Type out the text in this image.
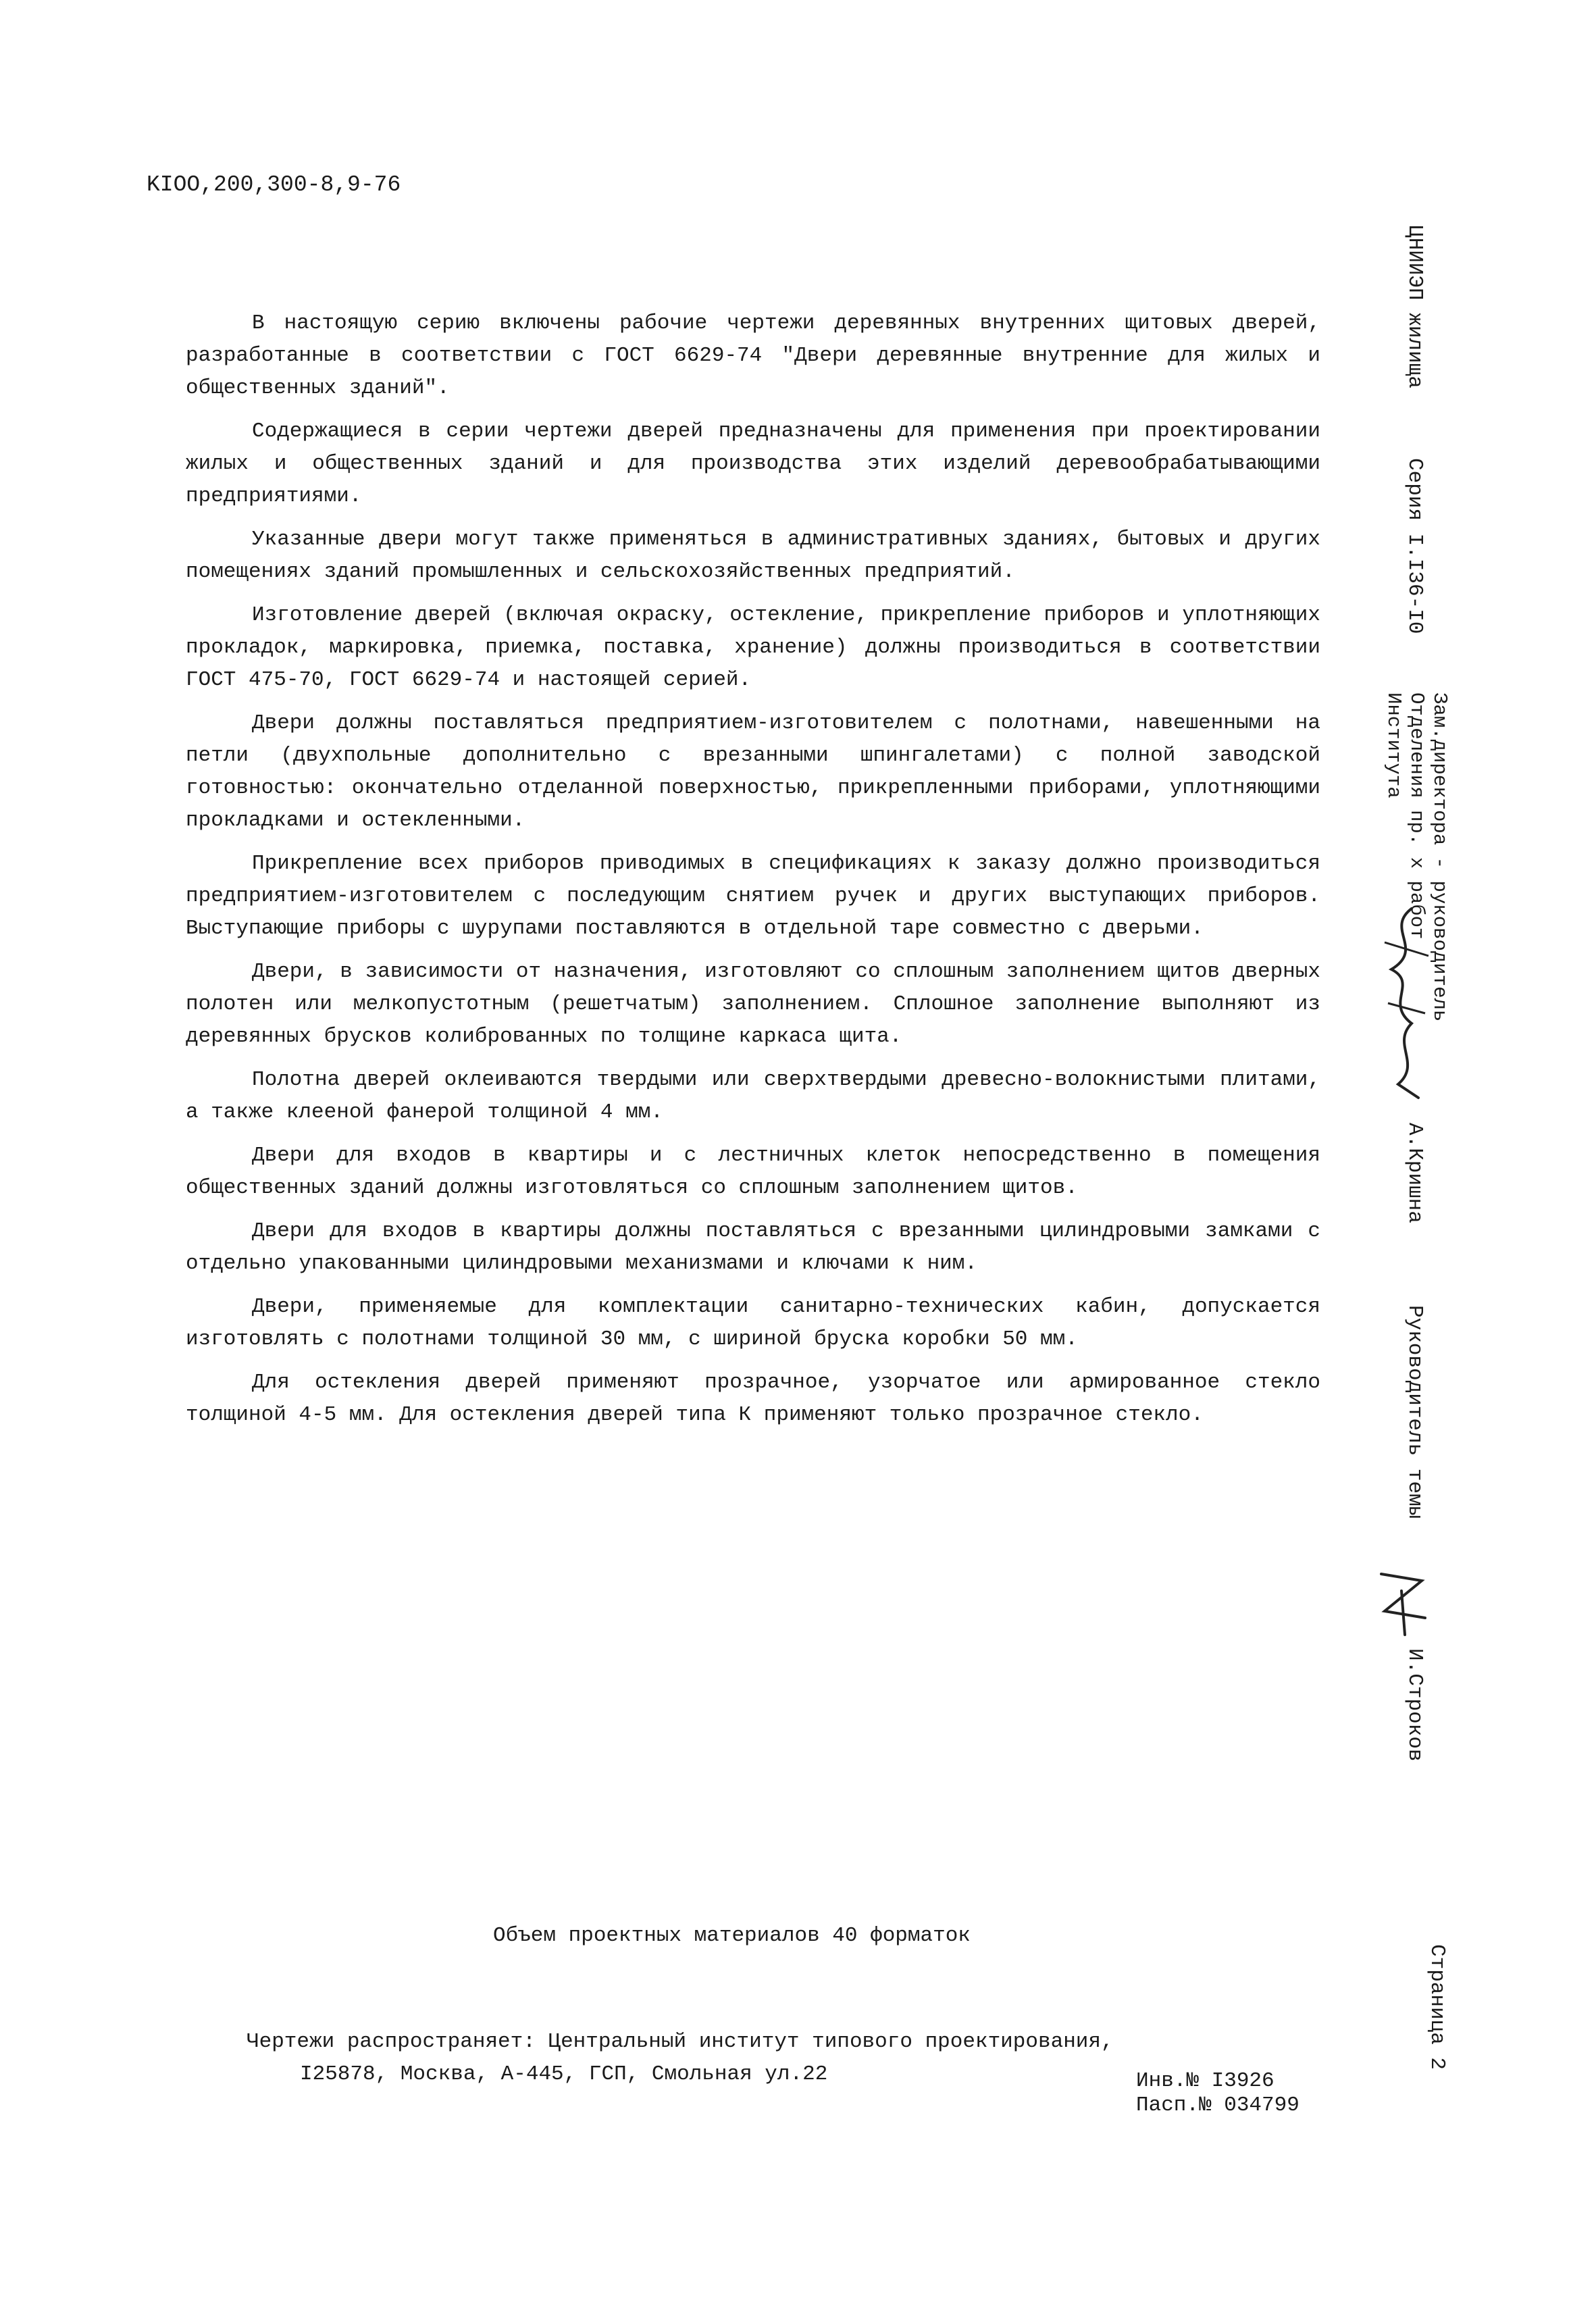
KIOO,200,300-8,9-76

В настоящую серию включены рабочие чертежи деревянных внутренних щитовых дверей, разработанные в соответствии с ГОСТ 6629-74 "Двери деревянные внутренние для жилых и общественных зданий".

Содержащиеся в серии чертежи дверей предназначены для применения при проектировании жилых и общественных зданий и для производства этих изделий деревообрабатывающими предприятиями.

Указанные двери могут также применяться в административных зданиях, бытовых и других помещениях зданий промышленных и сельскохозяйственных предприятий.

Изготовление дверей (включая окраску, остекление, прикрепление приборов и уплотняющих прокладок, маркировка, приемка, поставка, хранение) должны производиться в соответствии ГОСТ 475-70, ГОСТ 6629-74 и настоящей серией.

Двери должны поставляться предприятием-изготовителем с полотнами, навешенными на петли (двухпольные дополнительно с врезанными шпингалетами) с полной заводской готовностью: окончательно отделанной поверхностью, прикрепленными приборами, уплотняющими прокладками и остекленными.

Прикрепление всех приборов приводимых в спецификациях к заказу должно производиться предприятием-изготовителем с последующим снятием ручек и других выступающих приборов. Выступающие приборы с шурупами поставляются в отдельной таре совместно с дверьми.

Двери, в зависимости от назначения, изготовляют со сплошным заполнением щитов дверных полотен или мелкопустотным (решетчатым) заполнением. Сплошное заполнение выполняют из деревянных брусков колиброванных по толщине каркаса щита.

Полотна дверей оклеиваются твердыми или сверхтвердыми древесно-волокнистыми плитами, а также клееной фанерой толщиной 4 мм.

Двери для входов в квартиры и с лестничных клеток непосредственно в помещения общественных зданий должны изготовляться со сплошным заполнением щитов.

Двери для входов в квартиры должны поставляться с врезанными цилиндровыми замками с отдельно упакованными цилиндровыми механизмами и ключами к ним.

Двери, применяемые для комплектации санитарно-технических кабин, допускается изготовлять с полотнами толщиной 30 мм, с шириной бруска коробки 50 мм.

Для остекления дверей применяют прозрачное, узорчатое или армированное стекло толщиной 4-5 мм. Для остекления дверей типа К применяют только прозрачное стекло.

Объем проектных материалов 40 форматок
Чертежи распространяет: Центральный институт типового проектирования,
I25878, Москва, А-445, ГСП, Смольная ул.22	Инв.№ I3926
Пасп.№ 034799
ЦНИИЭП жилища
Серия I.I36-I0
Зам.директора - руководитель
Отделения пр. х работ
Института
А.Кришна
Руководитель темы
И.Строков
Страница 2
